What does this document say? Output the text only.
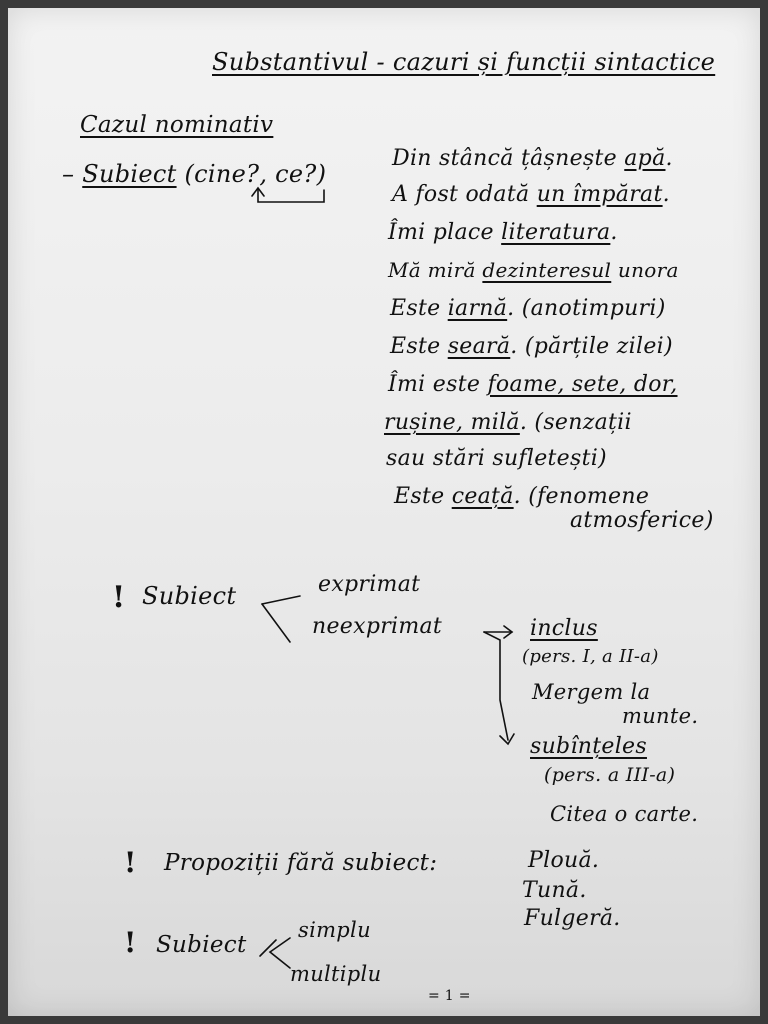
Substantivul - cazuri și funcții sintactice
Cazul nominativ
– Subiect (cine?, ce?)
Din stâncă țâșnește apă.
A fost odată un împărat.
Îmi place literatura.
Mă miră dezinteresul unora
Este iarnă. (anotimpuri)
Este seară. (părțile zilei)
Îmi este foame, sete, dor,
rușine, milă. (senzații
sau stări sufletești)
Este ceață. (fenomene
atmosferice)
! Subiect	exprimat
neexprimat	inclus
(pers. I, a II-a)
Mergem la
munte.
subînțeles
(pers. a III-a)
Citea o carte.
! Propoziții fără subiect:	Plouă.
Tună.
Fulgeră.
! Subiect
simplu
multiplu
= 1 =
